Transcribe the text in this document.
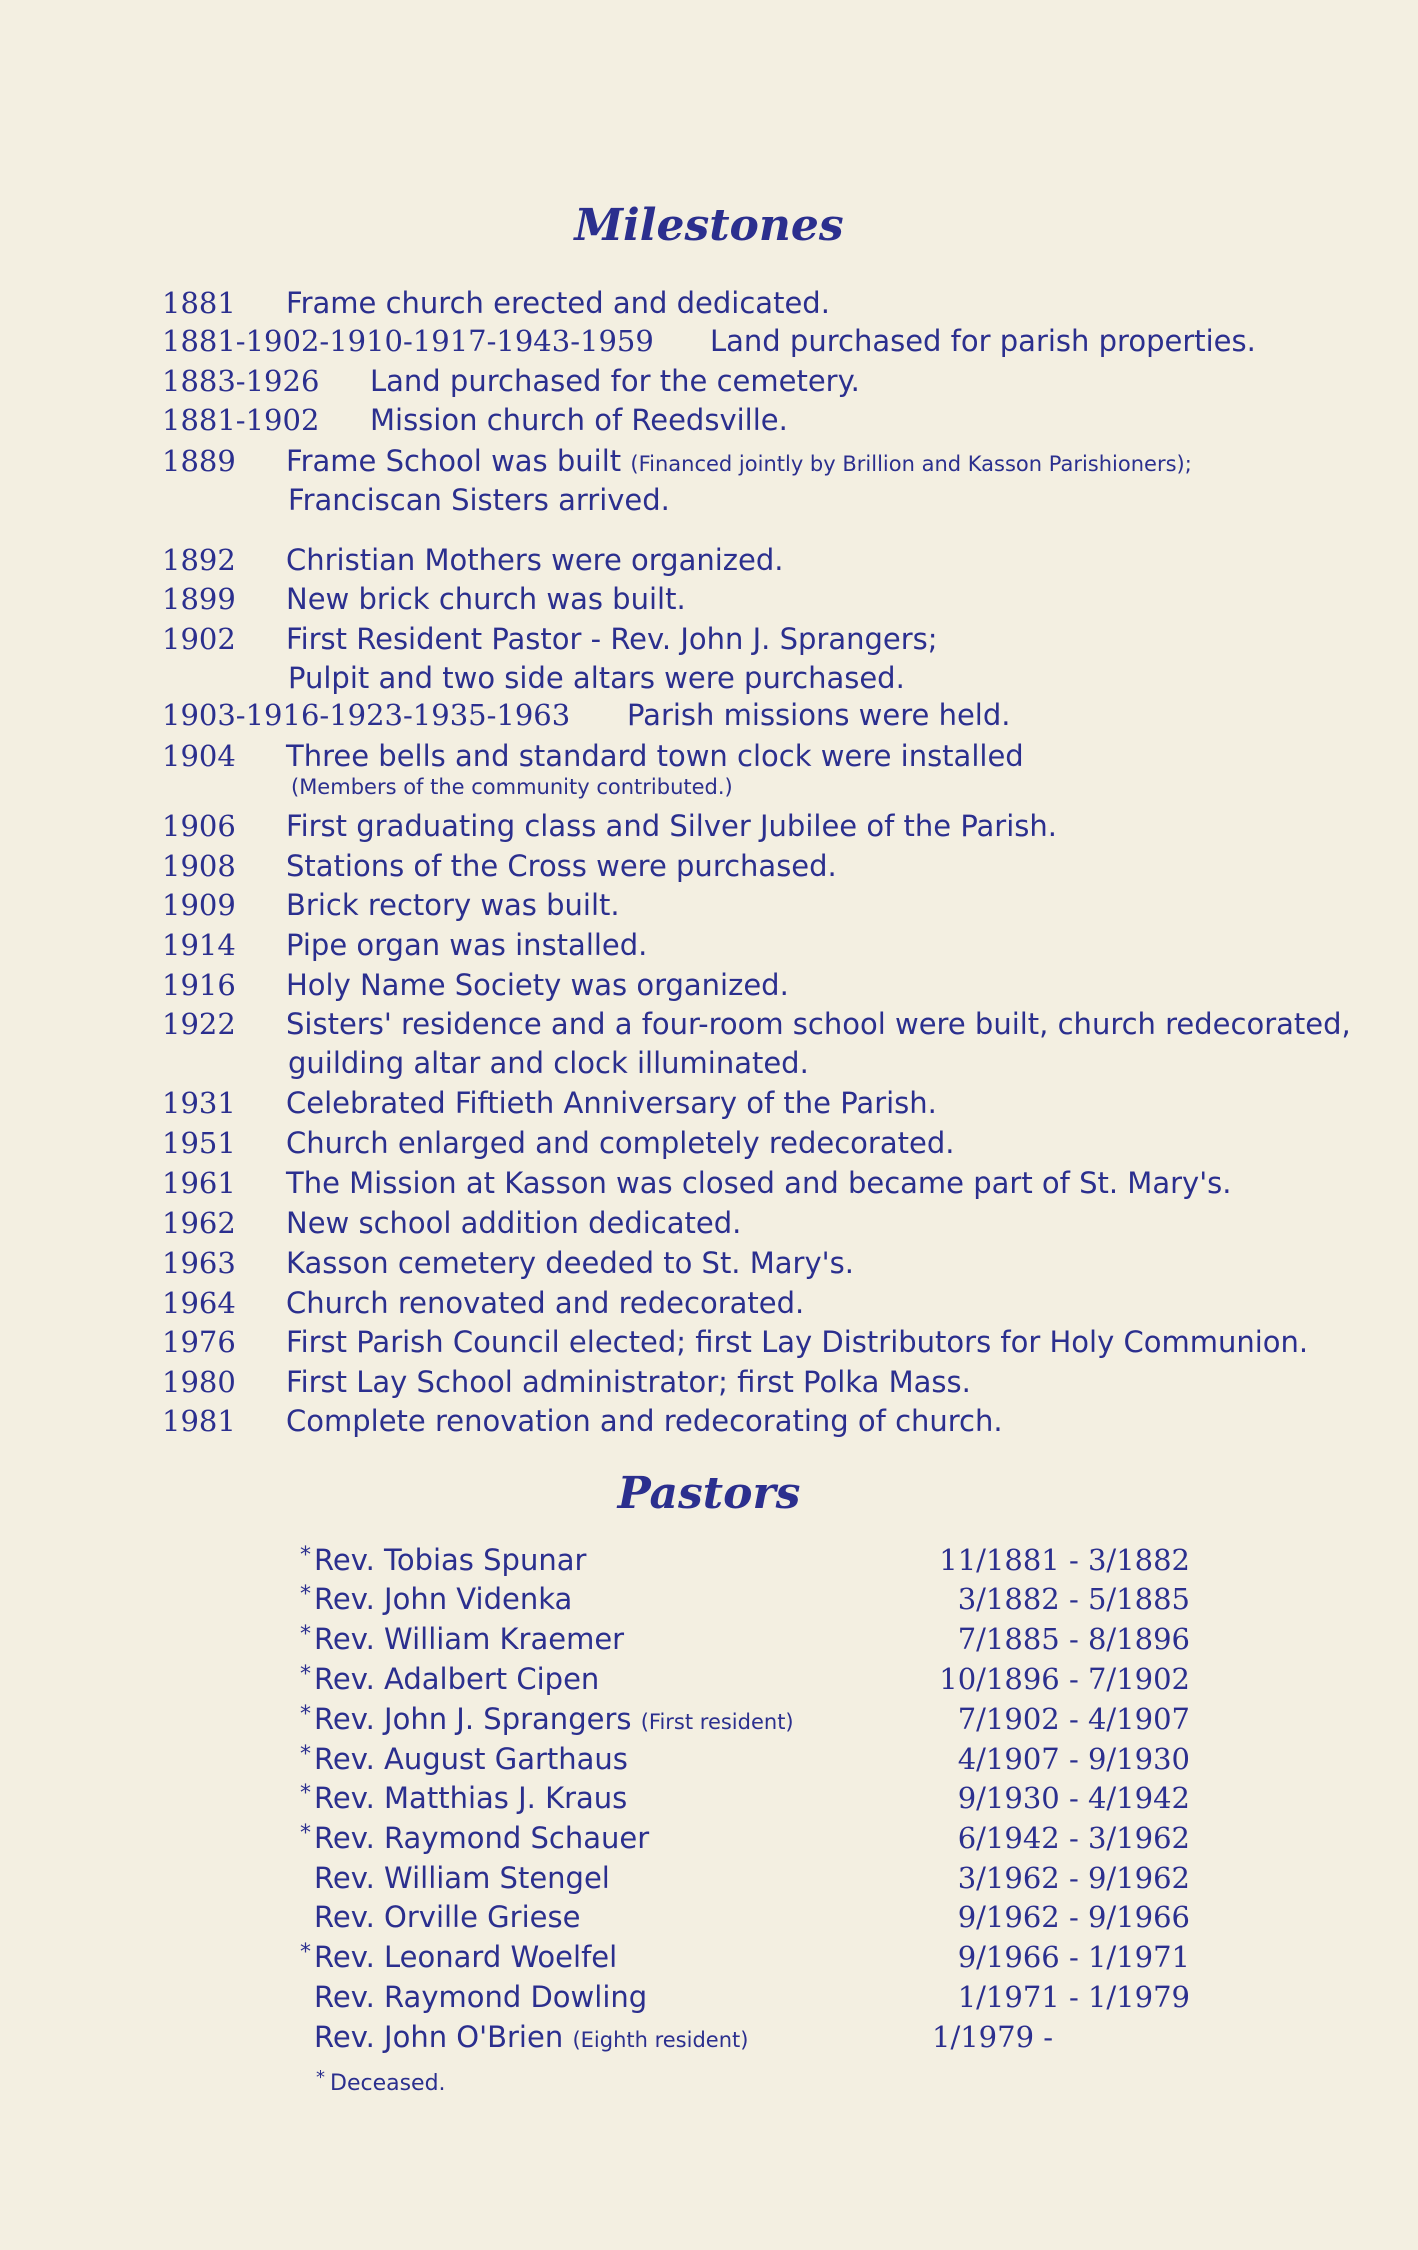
Milestones
1881 Frame church erected and dedicated.
1881-1902-1910-1917-1943-1959 Land purchased for parish properties.
1883-1926 Land purchased for the cemetery.
1881-1902 Mission church of Reedsville.
1889 Frame School was built (Financed jointly by Brillion and Kasson Parishioners);
Franciscan Sisters arrived.
1892 Christian Mothers were organized.
1899 New brick church was built.
1902 First Resident Pastor - Rev. John J. Sprangers;
Pulpit and two side altars were purchased.
1903-1916-1923-1935-1963 Parish missions were held.
1904 Three bells and standard town clock were installed
(Members of the community contributed.)
1906 First graduating class and Silver Jubilee of the Parish.
1908 Stations of the Cross were purchased.
1909 Brick rectory was built.
1914 Pipe organ was installed.
1916 Holy Name Society was organized.
1922 Sisters' residence and a four-room school were built, church redecorated,
guilding altar and clock illuminated.
1931 Celebrated Fiftieth Anniversary of the Parish.
1951 Church enlarged and completely redecorated.
1961 The Mission at Kasson was closed and became part of St. Mary's.
1962 New school addition dedicated.
1963 Kasson cemetery deeded to St. Mary's.
1964 Church renovated and redecorated.
1976 First Parish Council elected; first Lay Distributors for Holy Communion.
1980 First Lay School administrator; first Polka Mass.
1981 Complete renovation and redecorating of church.
Pastors
* Rev. Tobias Spunar	11/1881 - 3/1882
* Rev. John Videnka	3/1882 - 5/1885
* Rev. William Kraemer	7/1885 - 8/1896
* Rev. Adalbert Cipen	10/1896 - 7/1902
* Rev. John J. Sprangers (First resident)	7/1902 - 4/1907
* Rev. August Garthaus	4/1907 - 9/1930
* Rev. Matthias J. Kraus	9/1930 - 4/1942
* Rev. Raymond Schauer	6/1942 - 3/1962
Rev. William Stengel	3/1962 - 9/1962
Rev. Orville Griese	9/1962 - 9/1966
* Rev. Leonard Woelfel	9/1966 - 1/1971
Rev. Raymond Dowling	1/1971 - 1/1979
Rev. John O'Brien (Eighth resident)	1/1979 -
* Deceased.
